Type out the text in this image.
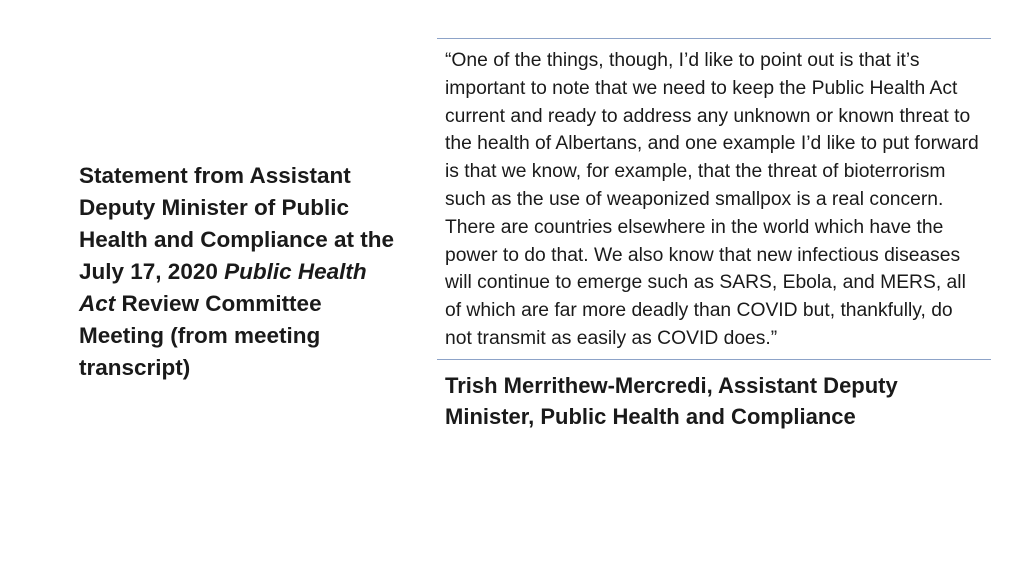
Statement from Assistant Deputy Minister of Public Health and Compliance at the July 17, 2020 Public Health Act Review Committee Meeting (from meeting transcript)
“One of the things, though, I’d like to point out is that it’s important to note that we need to keep the Public Health Act current and ready to address any unknown or known threat to the health of Albertans, and one example I’d like to put forward is that we know, for example, that the threat of bioterrorism such as the use of weaponized smallpox is a real concern. There are countries elsewhere in the world which have the power to do that. We also know that new infectious diseases will continue to emerge such as SARS, Ebola, and MERS, all of which are far more deadly than COVID but, thankfully, do not transmit as easily as COVID does.”
Trish Merrithew-Mercredi, Assistant Deputy Minister, Public Health and Compliance
